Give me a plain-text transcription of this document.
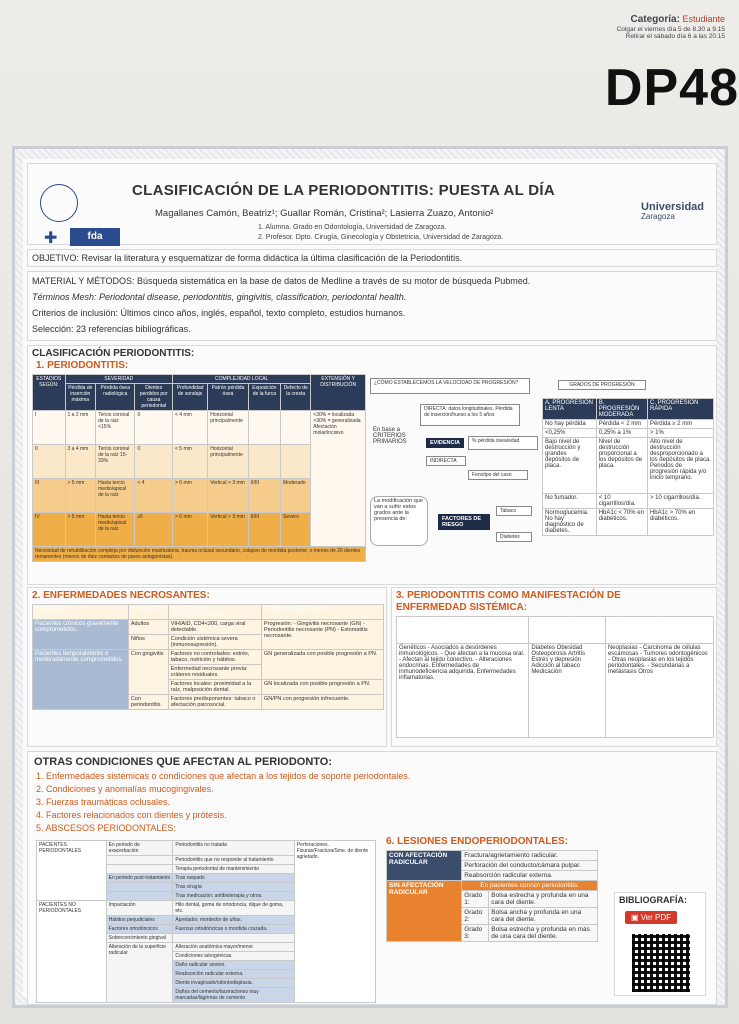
Categoría: Estudiante
Colgar el viernes día 5 de 8.30 a 9.15
Retirar el sábado día 6 a las 20.15
DP48
✚	fda
CLASIFICACIÓN DE LA PERIODONTITIS: PUESTA AL DÍA
Magallanes Camón, Beatriz¹; Guallar Román, Cristina²; Lasierra Zuazo, Antonio²
1. Alumna. Grado en Odontología, Universidad de Zaragoza.
2. Profesor. Dpto. Cirugía, Ginecología y Obstetricia, Universidad de Zaragoza.
Universidad
Zaragoza
OBJETIVO: Revisar la literatura y esquematizar de forma didáctica la última clasificación de la Periodontitis.
MATERIAL Y MÉTODOS: Búsqueda sistemática en la base de datos de Medline a través de su motor de búsqueda Pubmed.
Términos Mesh: Periodontal disease, periodontitis, gingivitis, classification, periodontal health.
Criterios de inclusión: Últimos cinco años, inglés, español, texto completo, estudios humanos.
Selección: 23 referencias bibliográficas.
CLASIFICACIÓN PERIODONTITIS:
1. PERIODONTITIS:
ESTADIOS SEGÚN:	SEVERIDAD			COMPLEJIDAD LOCAL				EXTENSIÓN Y DISTRIBUCIÓN
	Pérdida de inserción máxima	Pérdida ósea radiológica	Dientes perdidos por causa periodontal	Profundidad de sondaje	Patrón pérdida ósea	Exposición de la furca	Defecto de la cresta	
I	1 a 2 mm	Tercio coronal de la raíz <15%	0	< 4 mm	Horizontal principalmente			<30% = localizada >30% = generalizada Afectación molar/incisivo
II	3 a 4 mm	Tercio coronal de la raíz 15-33%	0	< 5 mm	Horizontal principalmente			
III	> 5 mm	Hasta tercio medio/apical de la raíz	< 4	> 6 mm	Vertical > 3 mm	II/III	Moderado	
IV	> 5 mm	Hasta tercio medio/apical de la raíz	≥5	> 6 mm	Vertical > 3 mm	II/III	Severo	
Necesidad de rehabilitación compleja por disfunción masticatoria, trauma oclusal secundario, colapso de mordida posterior, o menos de 20 dientes remanentes (menos de diez contactos de pares antagonistas).								
¿CÓMO ESTABLECEMOS LA VELOCIDAD DE PROGRESIÓN?	GRADOS DE PROGRESIÓN
En base a CRITERIOS PRIMARIOS
DIRECTA: datos longitudinales. Pérdida de inserción/hueso a los 5 años
EVIDENCIA	% pérdida ósea/edad
INDIRECTA
Fenotipo del caso
La modificación que van a sufrir estos grados ante la presencia de:	FACTORES DE RIESGO
Tabaco
Diabetes
A. PROGRESIÓN LENTA	B. PROGRESIÓN MODERADA	C. PROGRESIÓN RÁPIDA
No hay pérdida	Pérdida < 2 mm	Pérdida ≥ 2 mm
<0,25%	0,25% a 1%	> 1%
Bajo nivel de destrucción y grandes depósitos de placa.	Nivel de destrucción proporcional a los depósitos de placa.	Alto nivel de destrucción desproporcionado a los depósitos de placa. Periodos de progresión rápida y/o inicio temprano.
No fumador.	< 10 cigarrillos/día.	> 10 cigarrillos/día.
Normoglucemia. No hay diagnóstico de diabetes.	HbA1c < 70% en diabéticos.	HbA1c > 70% en diabéticos.
2. ENFERMEDADES NECROSANTES:
CATEGORÍA	PACIENTES	CONDICIONES PREDISPONENTES	CONDICIONES CLÍNICAS
Pacientes crónicos gravemente comprometidos.	Adultos	VIH/AID, CD4<200, carga viral detectable.	Progresión: - Gingivitis necrosante (GN) - Periodontitis necrosante (PN) - Estomatitis necrosante.
	Niños	Condición sistémica severa (inmunosupresión).	
Pacientes temporalmente o moderadamente comprometidos.	Con gingivitis	Factores no controlados: estrés, tabaco, nutrición y hábitos.	GN generalizada con posible progresión a PN.
		Enfermedad necrosante previa: cráteres residuales.	
		Factores locales: proximidad a la raíz, malposición dental.	GN localizada con posible progresión a PN.
	Con periodontitis	Factores predisponentes: tabaco o afectación psicosocial.	GN/PN con progresión infrecuente.
3. PERIODONTITIS COMO MANIFESTACIÓN DE
ENFERMEDAD SISTÉMICA:
DESÓRDENES DE MAYOR IMPACTO	OTROS DESÓRDENES SISTÉMICOS QUE INFLUYEN EN SU PATOGENIA	DESÓRDES SISTÉMICOS QUE PROVOCAN PÉRDIDA DE TEJIDO INDEPENDIENTE A PERIODONTITIS
Genéticos - Asociados a desórdenes inmunológicos. - Que afectan a la mucosa oral. - Afectan al tejido conectivo. - Alteraciones endocrinas. Enfermedades de inmunodeficiencia adquirida. Enfermedades inflamatorias.	Diabetes Obesidad Osteoporosis Artritis Estrés y depresión Adicción al tabaco Medicación	Neoplasias - Carcinoma de células escamosas - Tumores odontogénicos - Otras neoplasias en los tejidos periodontales. - Secundarias a metástasis Otros
OTRAS CONDICIONES QUE AFECTAN AL PERIODONTO:
1. Enfermedades sistémicas o condiciones que afectan a los tejidos de soporte periodontales.
2. Condiciones y anomalías mucogingivales.
3. Fuerzas traumáticas oclusales.
4. Factores relacionados con dientes y prótesis.
5. ABSCESOS PERIODONTALES:
PACIENTES PERIODONTALES	En periodo de exacerbación	Periodontitis no tratada	Perforaciones.
Fisuras/Fractura/Sme. de diente agrietado.

		Periodontitis que no responde al tratamiento	
		Terapia periodontal de mantenimiento	
	En periodo post-tratamiento	Tras raspado	
		Tras cirugía	
		Tras medicación: antibioterapia y otros.	
PACIENTES NO PERIODONTALES	Impactación	Hilo dental, goma de ortodoncia, dique de goma, etc.	
	Hábitos perjudiciales	Apretador, mordedor de uñas.	
	Factores ortodóncicos	Fuerzas ortodóncicas o mordida cruzada.	
	Sobrecrecimiento gingival		
	Alteración de la superficie radicular	Alteración anatómica mayor/menor.	
		Condiciones iatrogénicas.	
		Daño radicular severo.	
		Reabsorción radicular externa.	
		Diente invaginado/odontodisplasia.	
		Daños del cemento/laceraciones muy marcadas/lágrimas de cemento	
6. LESIONES ENDOPERIODONTALES:
CON AFECTACIÓN RADICULAR	Fractura/agrietamiento radicular.	
	Perforación del conducto/cámara pulpar.	
	Reabsorción radicular externa.	
SIN AFECTACIÓN RADICULAR	En pacientes con/sin periodontitis:	
	Grado 1:	Bolsa estrecha y profunda en una cara del diente.
	Grado 2:	Bolsa ancha y profunda en una cara del diente.
	Grado 3:	Bolsa estrecha y profunda en más de una cara del diente.
BIBLIOGRAFÍA:
▣ Ver PDF
